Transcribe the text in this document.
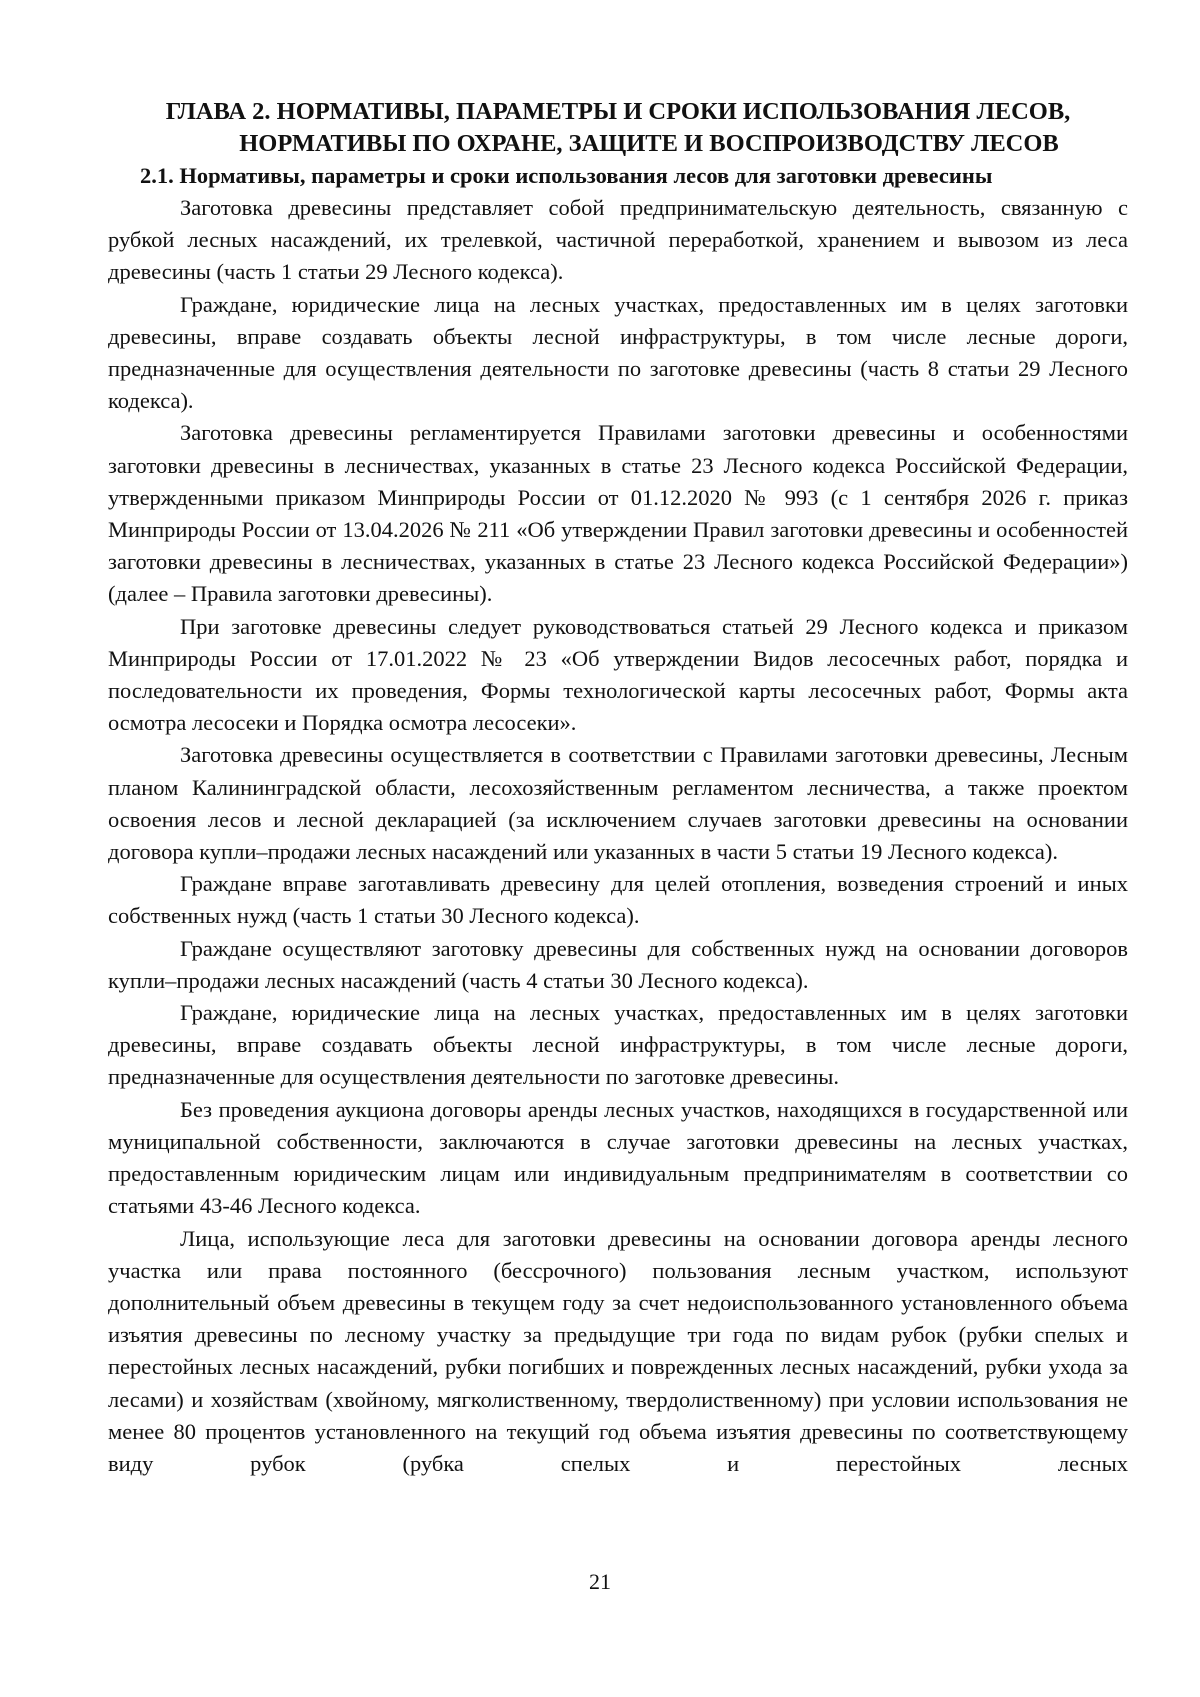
ГЛАВА 2. НОРМАТИВЫ, ПАРАМЕТРЫ И СРОКИ ИСПОЛЬЗОВАНИЯ ЛЕСОВ,
НОРМАТИВЫ ПО ОХРАНЕ, ЗАЩИТЕ И ВОСПРОИЗВОДСТВУ ЛЕСОВ
2.1. Нормативы, параметры и сроки использования лесов для заготовки древесины

Заготовка древесины представляет собой предпринимательскую деятельность, связанную с рубкой лесных насаждений, их трелевкой, частичной переработкой, хранением и вывозом из леса древесины (часть 1 статьи 29 Лесного кодекса).

Граждане, юридические лица на лесных участках, предоставленных им в целях заготовки древесины, вправе создавать объекты лесной инфраструктуры, в том числе лесные дороги, предназначенные для осуществления деятельности по заготовке древесины (часть 8 статьи 29 Лесного кодекса).

Заготовка древесины регламентируется Правилами заготовки древесины и особенностями заготовки древесины в лесничествах, указанных в статье 23 Лесного кодекса Российской Федерации, утвержденными приказом Минприроды России от 01.12.2020 № 993 (с 1 сентября 2026 г. приказ Минприроды России от 13.04.2026 № 211 «Об утверждении Правил заготовки древесины и особенностей заготовки древесины в лесничествах, указанных в статье 23 Лесного кодекса Российской Федерации») (далее – Правила заготовки древесины).

При заготовке древесины следует руководствоваться статьей 29 Лесного кодекса и приказом Минприроды России от 17.01.2022 № 23 «Об утверждении Видов лесосечных работ, порядка и последовательности их проведения, Формы технологической карты лесосечных работ, Формы акта осмотра лесосеки и Порядка осмотра лесосеки».

Заготовка древесины осуществляется в соответствии с Правилами заготовки древесины, Лесным планом Калининградской области, лесохозяйственным регламентом лесничества, а также проектом освоения лесов и лесной декларацией (за исключением случаев заготовки древесины на основании договора купли–продажи лесных насаждений или указанных в части 5 статьи 19 Лесного кодекса).

Граждане вправе заготавливать древесину для целей отопления, возведения строений и иных собственных нужд (часть 1 статьи 30 Лесного кодекса).

Граждане осуществляют заготовку древесины для собственных нужд на основании договоров купли–продажи лесных насаждений (часть 4 статьи 30 Лесного кодекса).

Граждане, юридические лица на лесных участках, предоставленных им в целях заготовки древесины, вправе создавать объекты лесной инфраструктуры, в том числе лесные дороги, предназначенные для осуществления деятельности по заготовке древесины.

Без проведения аукциона договоры аренды лесных участков, находящихся в государственной или муниципальной собственности, заключаются в случае заготовки древесины на лесных участках, предоставленным юридическим лицам или индивидуальным предпринимателям в соответствии со статьями 43-46 Лесного кодекса.

Лица, использующие леса для заготовки древесины на основании договора аренды лесного участка или права постоянного (бессрочного) пользования лесным участком, используют дополнительный объем древесины в текущем году за счет недоиспользованного установленного объема изъятия древесины по лесному участку за предыдущие три года по видам рубок (рубки спелых и перестойных лесных насаждений, рубки погибших и поврежденных лесных насаждений, рубки ухода за лесами) и хозяйствам (хвойному, мягколиственному, твердолиственному) при условии использования не менее 80 процентов установленного на текущий год объема изъятия древесины по соответствующему виду рубок (рубка спелых и перестойных лесных

21
